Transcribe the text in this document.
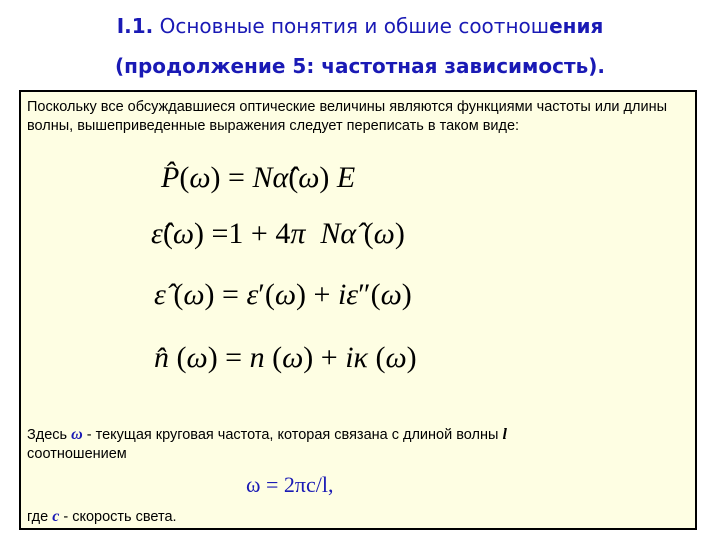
I.1. Основные понятия и обшие соотношения
(продолжение 5: частотная зависимость).
Поскольку все обсуждавшиеся оптические величины являются функциями частоты или длины волны, вышеприведенные выражения следует переписать в таком виде:
P̂(ω) = Nα̂(ω) E
ε̂(ω) =1 + 4π Nα̂ (ω)
ε̂ (ω) = ε′(ω) + iε″(ω)
n̂ (ω) = n (ω) + iκ (ω)
Здесь ω - текущая круговая частота, которая связана с длиной волны l
соотношением
ω = 2πc/l,
где c - скорость света.
